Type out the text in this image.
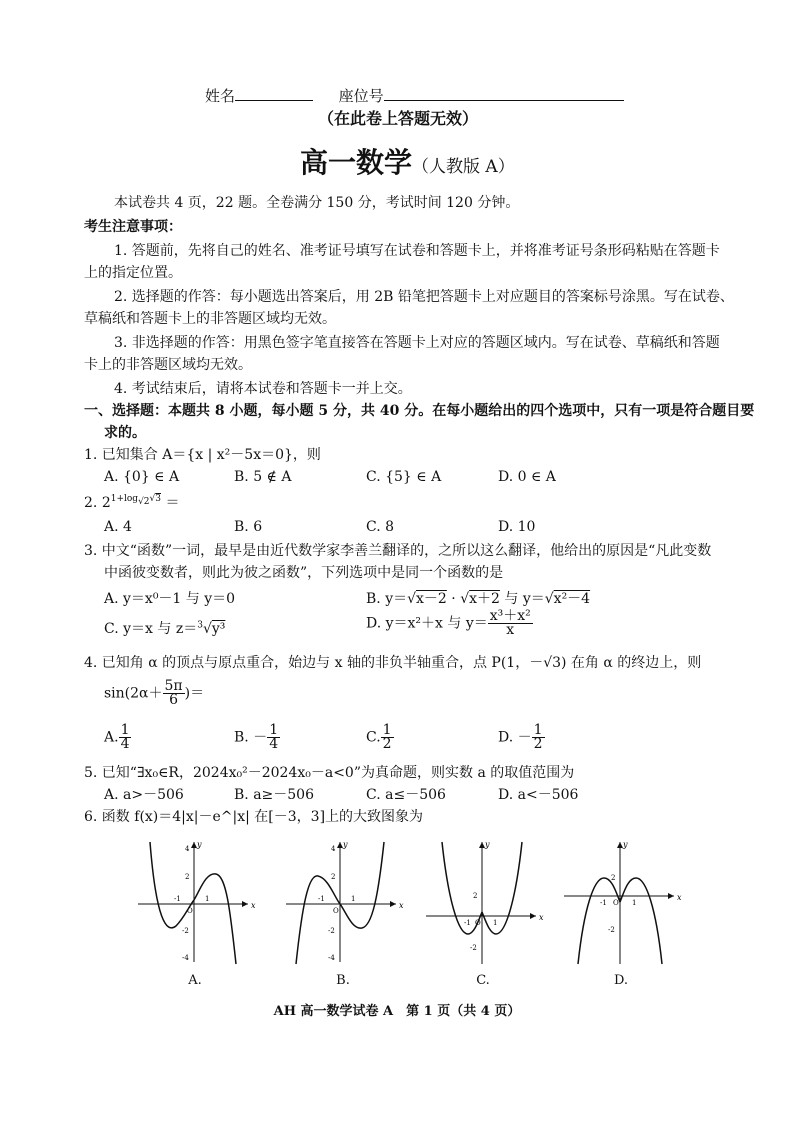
姓名	座位号
（在此卷上答题无效）
高一数学（人教版 A）
本试卷共 4 页，22 题。全卷满分 150 分，考试时间 120 分钟。
考生注意事项：
1. 答题前，先将自己的姓名、准考证号填写在试卷和答题卡上，并将准考证号条形码粘贴在答题卡
上的指定位置。
2. 选择题的作答：每小题选出答案后，用 2B 铅笔把答题卡上对应题目的答案标号涂黑。写在试卷、
草稿纸和答题卡上的非答题区域均无效。
3. 非选择题的作答：用黑色签字笔直接答在答题卡上对应的答题区域内。写在试卷、草稿纸和答题
卡上的非答题区域均无效。
4. 考试结束后，请将本试卷和答题卡一并上交。
一、选择题：本题共 8 小题，每小题 5 分，共 40 分。在每小题给出的四个选项中，只有一项是符合题目要
求的。
1. 已知集合 A＝{x | x²－5x＝0}，则
A. {0} ∈ A	B. 5 ∉ A	C. {5} ∈ A	D. 0 ∈ A
2. $2^{1+log_{√2}√3}$ ＝
A. 4	B. 6	C. 8	D. 10
3. 中文“函数”一词，最早是由近代数学家李善兰翻译的，之所以这么翻译，他给出的原因是“凡此变数
中函彼变数者，则此为彼之函数”，下列选项中是同一个函数的是
A. y＝x⁰－1 与 y＝0	B. y＝√x－2 · √x＋2 与 y＝√x²－4
C. y＝x 与 z＝$^3$√y³	D. y＝x²＋x 与 $y= \frac{\text{x³＋x²}}{x}$
4. 已知角 α 的顶点与原点重合，始边与 x 轴的非负半轴重合，点 P(1，－√3) 在角 α 的终边上，则
$\sin(2\alpha+ \frac{5\pi}{6}$ )＝
A. $\frac{1}{4}$	B. － $\frac{1}{4}$	C. $\frac{1}{2}$	D. － $\frac{1}{2}$
5. 已知“∃x₀∈R，2024x₀²－2024x₀－a<0”为真命题，则实数 a 的取值范围为
A. a>－506	B. a≥－506	C. a≤－506	D. a<－506
6. 函数 f(x)＝4|x|－e^|x| 在[－3，3]上的大致图象为
x
y
4
2
-2
-4
-1
O
1
A.
x
y
4
2
-2
-4
-1
O
1
B.
x
y
2
-2
-1 O 1
C.
x
y
2
-2
-1 O 1
D.
AH 高一数学试卷 A　第 1 页（共 4 页）
